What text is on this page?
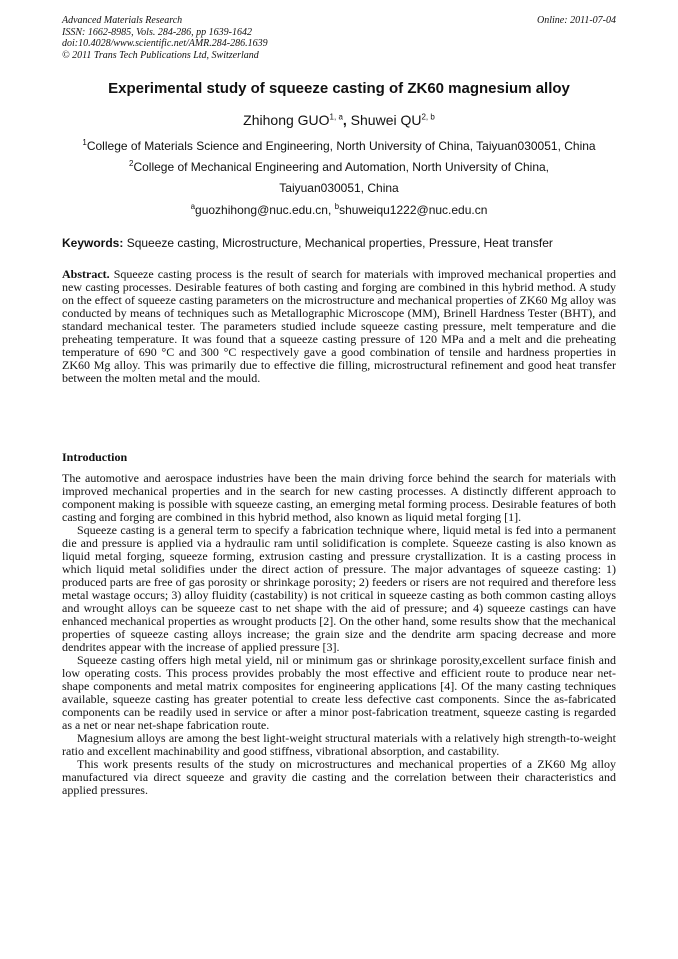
Advanced Materials Research
ISSN: 1662-8985, Vols. 284-286, pp 1639-1642
doi:10.4028/www.scientific.net/AMR.284-286.1639
© 2011 Trans Tech Publications Ltd, Switzerland
Online: 2011-07-04
Experimental study of squeeze casting of ZK60 magnesium alloy
Zhihong GUO$^{1, a}$, Shuwei QU$^{2, b}$
$^1$College of Materials Science and Engineering, North University of China, Taiyuan030051, China
$^2$College of Mechanical Engineering and Automation, North University of China,
Taiyuan030051, China
$^a$guozhihong@nuc.edu.cn, $^b$shuweiqu1222@nuc.edu.cn
Keywords: Squeeze casting, Microstructure, Mechanical properties, Pressure, Heat transfer

Abstract. Squeeze casting process is the result of search for materials with improved mechanical properties and new casting processes. Desirable features of both casting and forging are combined in this hybrid method. A study on the effect of squeeze casting parameters on the microstructure and mechanical properties of ZK60 Mg alloy was conducted by means of techniques such as Metallographic Microscope (MM), Brinell Hardness Tester (BHT), and standard mechanical tester. The parameters studied include squeeze casting pressure, melt temperature and die preheating temperature. It was found that a squeeze casting pressure of 120 MPa and a melt and die preheating temperature of 690 °C and 300 °C respectively gave a good combination of tensile and hardness properties in ZK60 Mg alloy. This was primarily due to effective die filling, microstructural refinement and good heat transfer between the molten metal and the mould.

Introduction

The automotive and aerospace industries have been the main driving force behind the search for materials with improved mechanical properties and in the search for new casting processes. A distinctly different approach to component making is possible with squeeze casting, an emerging metal forming process. Desirable features of both casting and forging are combined in this hybrid method, also known as liquid metal forging [1].

Squeeze casting is a general term to specify a fabrication technique where, liquid metal is fed into a permanent die and pressure is applied via a hydraulic ram until solidification is complete. Squeeze casting is also known as liquid metal forging, squeeze forming, extrusion casting and pressure crystallization. It is a casting process in which liquid metal solidifies under the direct action of pressure. The major advantages of squeeze casting: 1) produced parts are free of gas porosity or shrinkage porosity; 2) feeders or risers are not required and therefore less metal wastage occurs; 3) alloy fluidity (castability) is not critical in squeeze casting as both common casting alloys and wrought alloys can be squeeze cast to net shape with the aid of pressure; and 4) squeeze castings can have enhanced mechanical properties as wrought products [2]. On the other hand, some results show that the mechanical properties of squeeze casting alloys increase; the grain size and the dendrite arm spacing decrease and more dendrites appear with the increase of applied pressure [3].

Squeeze casting offers high metal yield, nil or minimum gas or shrinkage porosity,excellent surface finish and low operating costs. This process provides probably the most effective and efficient route to produce near net-shape components and metal matrix composites for engineering applications [4]. Of the many casting techniques available, squeeze casting has greater potential to create less defective cast components. Since the as-fabricated components can be readily used in service or after a minor post-fabrication treatment, squeeze casting is regarded as a net or near net-shape fabrication route.

Magnesium alloys are among the best light-weight structural materials with a relatively high strength-to-weight ratio and excellent machinability and good stiffness, vibrational absorption, and castability.

This work presents results of the study on microstructures and mechanical properties of a ZK60 Mg alloy manufactured via direct squeeze and gravity die casting and the correlation between their characteristics and applied pressures.
